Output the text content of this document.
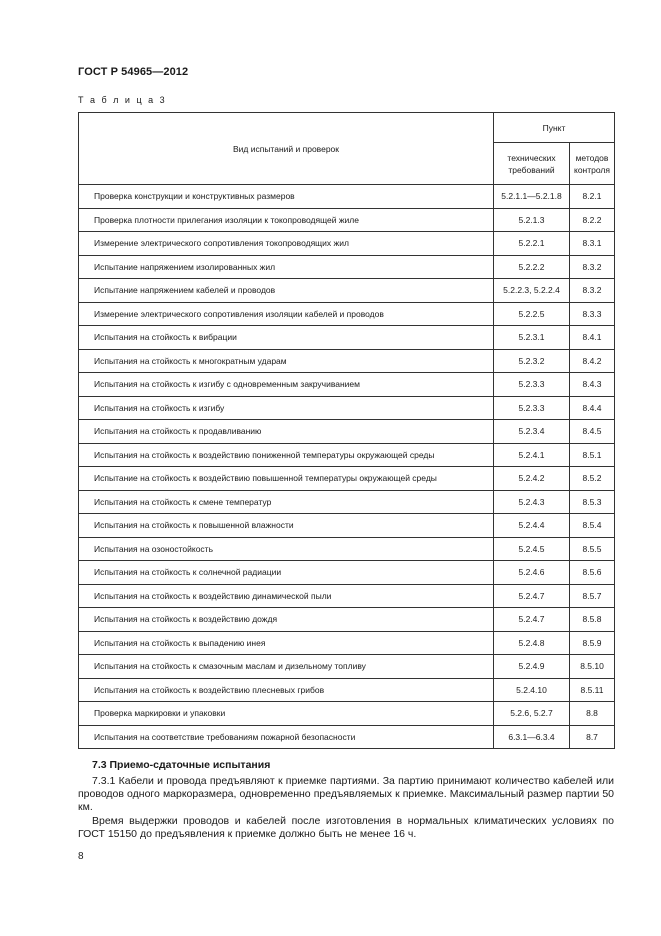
ГОСТ Р 54965—2012
Т а б л и ц а 3
Вид испытаний и проверок	Пункт	
	технических требований	методов контроля
Проверка конструкции и конструктивных размеров	5.2.1.1—5.2.1.8	8.2.1
Проверка плотности прилегания изоляции к токопроводящей жиле	5.2.1.3	8.2.2
Измерение электрического сопротивления токопроводящих жил	5.2.2.1	8.3.1
Испытание напряжением изолированных жил	5.2.2.2	8.3.2
Испытание напряжением кабелей и проводов	5.2.2.3, 5.2.2.4	8.3.2
Измерение электрического сопротивления изоляции кабелей и проводов	5.2.2.5	8.3.3
Испытания на стойкость к вибрации	5.2.3.1	8.4.1
Испытания на стойкость к многократным ударам	5.2.3.2	8.4.2
Испытания на стойкость к изгибу с одновременным закручиванием	5.2.3.3	8.4.3
Испытания на стойкость к изгибу	5.2.3.3	8.4.4
Испытания на стойкость к продавливанию	5.2.3.4	8.4.5
Испытания на стойкость к воздействию пониженной температуры окружающей среды	5.2.4.1	8.5.1
Испытание на стойкость к воздействию повышенной температуры окружающей среды	5.2.4.2	8.5.2
Испытания на стойкость к смене температур	5.2.4.3	8.5.3
Испытания на стойкость к повышенной влажности	5.2.4.4	8.5.4
Испытания на озоностойкость	5.2.4.5	8.5.5
Испытания на стойкость к солнечной радиации	5.2.4.6	8.5.6
Испытания на стойкость к воздействию динамической пыли	5.2.4.7	8.5.7
Испытания на стойкость к воздействию дождя	5.2.4.7	8.5.8
Испытания на стойкость к выпадению инея	5.2.4.8	8.5.9
Испытания на стойкость к смазочным маслам и дизельному топливу	5.2.4.9	8.5.10
Испытания на стойкость к воздействию плесневых грибов	5.2.4.10	8.5.11
Проверка маркировки и упаковки	5.2.6, 5.2.7	8.8
Испытания на соответствие требованиям пожарной безопасности	6.3.1—6.3.4	8.7
7.3 Приемо-сдаточные испытания

7.3.1 Кабели и провода предъявляют к приемке партиями. За партию принимают количество кабелей или проводов одного маркоразмера, одновременно предъявляемых к приемке. Максимальный размер партии 50 км.

Время выдержки проводов и кабелей после изготовления в нормальных климатических условиях по ГОСТ 15150 до предъявления к приемке должно быть не менее 16 ч.

8
